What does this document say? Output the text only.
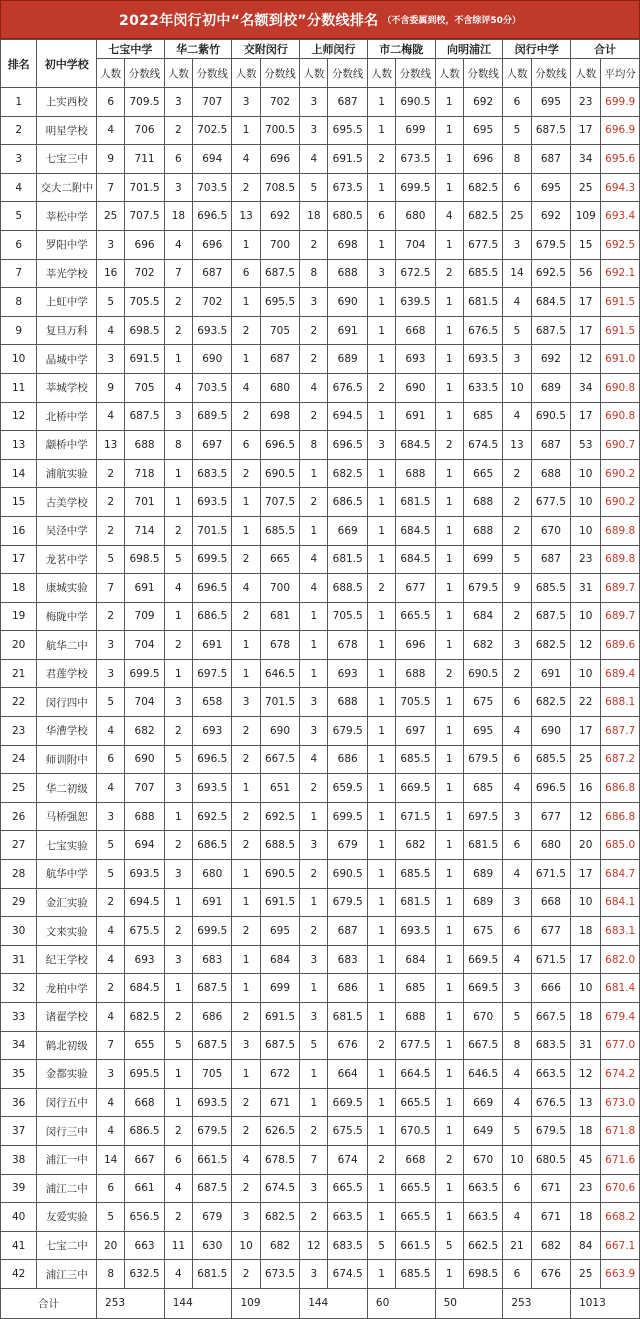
2022年闵行初中“名额到校”分数线排名 （不含委属到校，不含综评50分）
排名	初中学校	七宝中学		华二紫竹		交附闵行		上师闵行		市二梅陇		向明浦江		闵行中学		合计	
		人数	分数线	人数	分数线	人数	分数线	人数	分数线	人数	分数线	人数	分数线	人数	分数线	人数	平均分
1	上实西校	6	709.5	3	707	3	702	3	687	1	690.5	1	692	6	695	23	699.9
2	明星学校	4	706	2	702.5	1	700.5	3	695.5	1	699	1	695	5	687.5	17	696.9
3	七宝三中	9	711	6	694	4	696	4	691.5	2	673.5	1	696	8	687	34	695.6
4	交大二附中	7	701.5	3	703.5	2	708.5	5	673.5	1	699.5	1	682.5	6	695	25	694.3
5	莘松中学	25	707.5	18	696.5	13	692	18	680.5	6	680	4	682.5	25	692	109	693.4
6	罗阳中学	3	696	4	696	1	700	2	698	1	704	1	677.5	3	679.5	15	692.5
7	莘光学校	16	702	7	687	6	687.5	8	688	3	672.5	2	685.5	14	692.5	56	692.1
8	上虹中学	5	705.5	2	702	1	695.5	3	690	1	639.5	1	681.5	4	684.5	17	691.5
9	复旦万科	4	698.5	2	693.5	2	705	2	691	1	668	1	676.5	5	687.5	17	691.5
10	晶城中学	3	691.5	1	690	1	687	2	689	1	693	1	693.5	3	692	12	691.0
11	莘城学校	9	705	4	703.5	4	680	4	676.5	2	690	1	633.5	10	689	34	690.8
12	北桥中学	4	687.5	3	689.5	2	698	2	694.5	1	691	1	685	4	690.5	17	690.8
13	颛桥中学	13	688	8	697	6	696.5	8	696.5	3	684.5	2	674.5	13	687	53	690.7
14	浦航实验	2	718	1	683.5	2	690.5	1	682.5	1	688	1	665	2	688	10	690.2
15	古美学校	2	701	1	693.5	1	707.5	2	686.5	1	681.5	1	688	2	677.5	10	690.2
16	吴泾中学	2	714	2	701.5	1	685.5	1	669	1	684.5	1	688	2	670	10	689.8
17	龙茗中学	5	698.5	5	699.5	2	665	4	681.5	1	684.5	1	699	5	687	23	689.8
18	康城实验	7	691	4	696.5	4	700	4	688.5	2	677	1	679.5	9	685.5	31	689.7
19	梅陇中学	2	709	1	686.5	2	681	1	705.5	1	665.5	1	684	2	687.5	10	689.7
20	航华二中	3	704	2	691	1	678	1	678	1	696	1	682	3	682.5	12	689.6
21	君莲学校	3	699.5	1	697.5	1	646.5	1	693	1	688	2	690.5	2	691	10	689.4
22	闵行四中	5	704	3	658	3	701.5	3	688	1	705.5	1	675	6	682.5	22	688.1
23	华漕学校	4	682	2	693	2	690	3	679.5	1	697	1	695	4	690	17	687.7
24	师训附中	6	690	5	696.5	2	667.5	4	686	1	685.5	1	679.5	6	685.5	25	687.2
25	华二初级	4	707	3	693.5	1	651	2	659.5	1	669.5	1	685	4	696.5	16	686.8
26	马桥强恕	3	688	1	692.5	2	692.5	1	699.5	1	671.5	1	697.5	3	677	12	686.8
27	七宝实验	5	694	2	686.5	2	688.5	3	679	1	682	1	681.5	6	680	20	685.0
28	航华中学	5	693.5	3	680	1	690.5	2	690.5	1	685.5	1	689	4	671.5	17	684.7
29	金汇实验	2	694.5	1	691	1	691.5	1	679.5	1	681.5	1	689	3	668	10	684.1
30	文来实验	4	675.5	2	699.5	2	695	2	687	1	693.5	1	675	6	677	18	683.1
31	纪王学校	4	693	3	683	1	684	3	683	1	684	1	669.5	4	671.5	17	682.0
32	龙柏中学	2	684.5	1	687.5	1	699	1	686	1	685	1	669.5	3	666	10	681.4
33	诸翟学校	4	682.5	2	686	2	691.5	3	681.5	1	688	1	670	5	667.5	18	679.4
34	鹤北初级	7	655	5	687.5	3	687.5	5	676	2	677.5	1	667.5	8	683.5	31	677.0
35	金都实验	3	695.5	1	705	1	672	1	664	1	664.5	1	646.5	4	663.5	12	674.2
36	闵行五中	4	668	1	693.5	2	671	1	669.5	1	665.5	1	669	4	676.5	13	673.0
37	闵行三中	4	686.5	2	679.5	2	626.5	2	675.5	1	670.5	1	649	5	679.5	18	671.8
38	浦江一中	14	667	6	661.5	4	678.5	7	674	2	668	2	670	10	680.5	45	671.6
39	浦江二中	6	661	4	687.5	2	674.5	3	665.5	1	665.5	1	663.5	6	671	23	670.6
40	友爱实验	5	656.5	2	679	3	682.5	2	663.5	1	665.5	1	663.5	4	671	18	668.2
41	七宝二中	20	663	11	630	10	682	12	683.5	5	661.5	5	662.5	21	682	84	667.1
42	浦江三中	8	632.5	4	681.5	2	673.5	3	674.5	1	685.5	1	698.5	6	676	25	663.9
合计		253		144		109		144		60		50		253		1013	
